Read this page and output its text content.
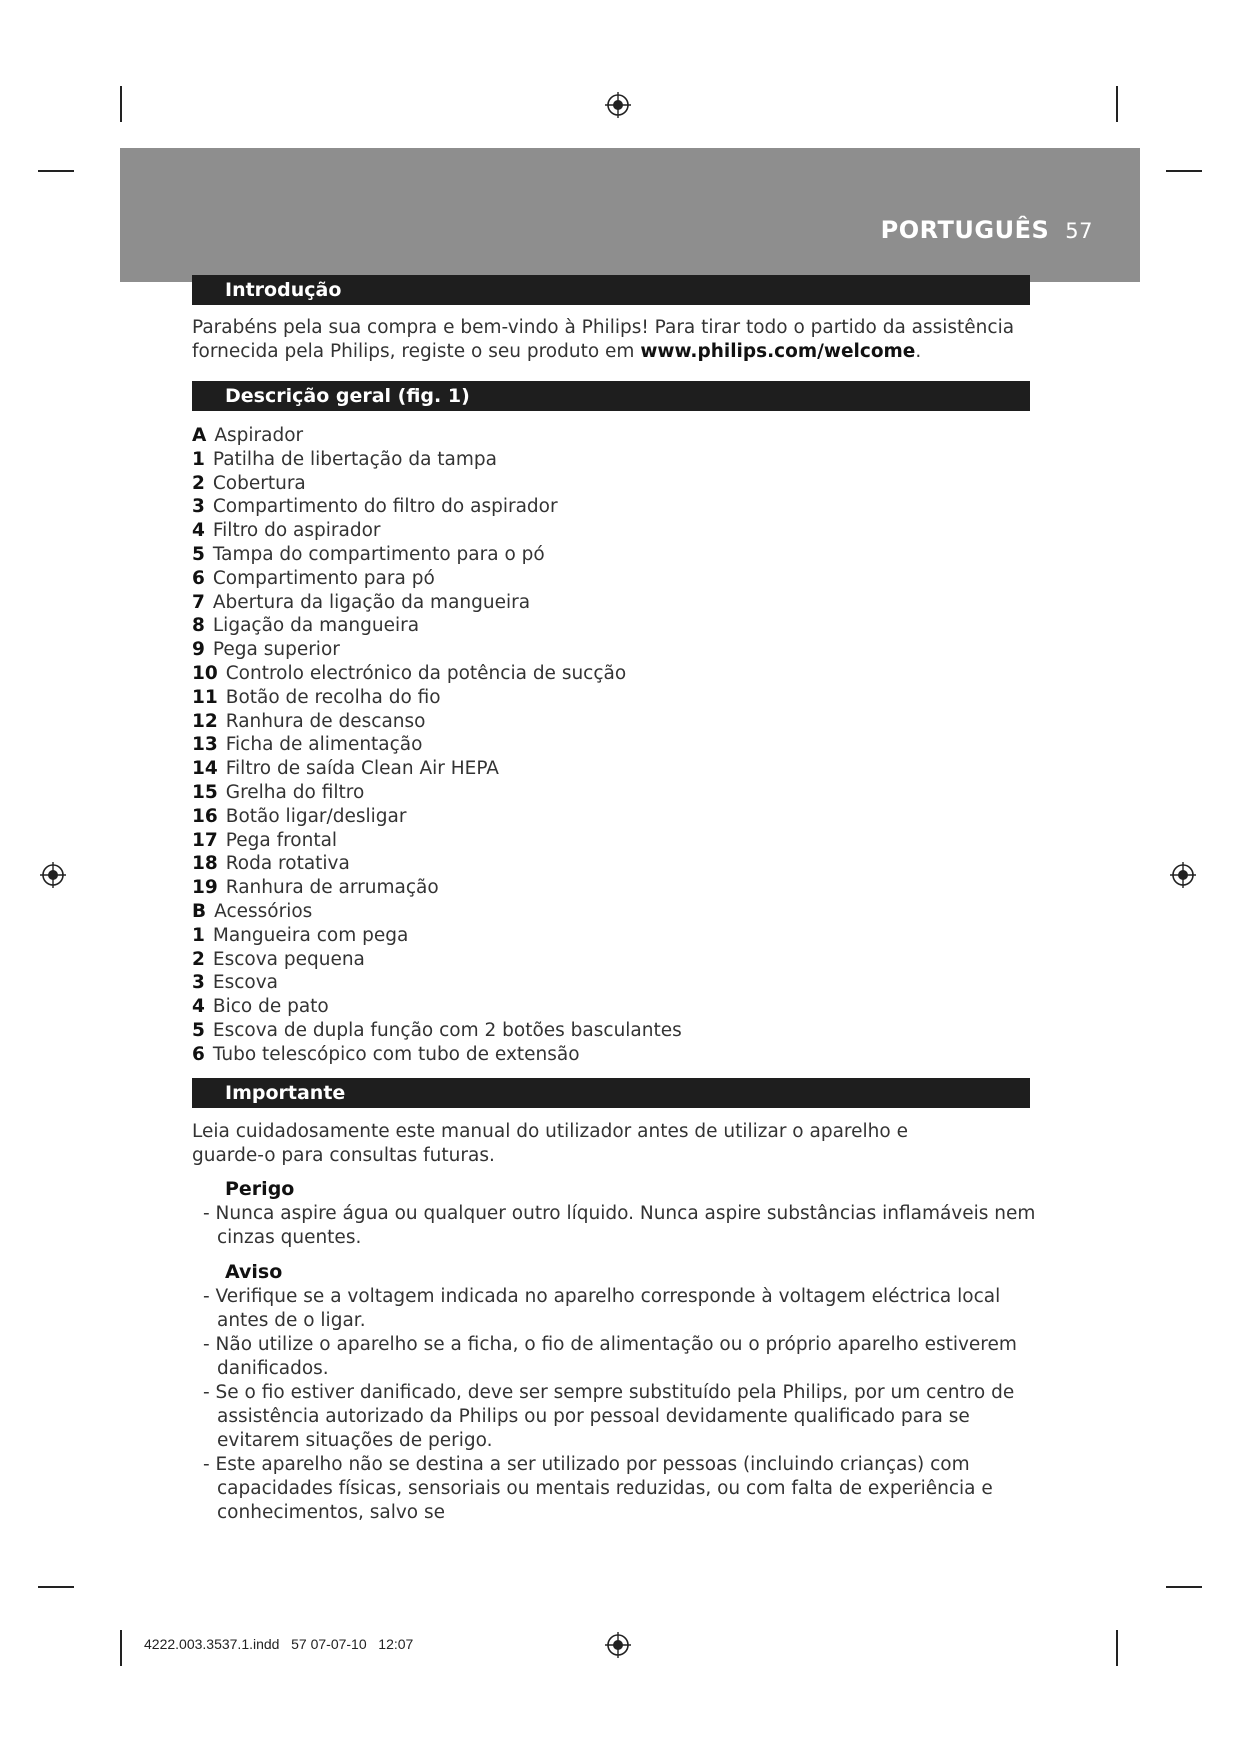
PORTUGUÊS 57
Introdução
Parabéns pela sua compra e bem-vindo à Philips! Para tirar todo o partido da assistência fornecida pela Philips, registe o seu produto em www.philips.com/welcome.
Descrição geral (fig. 1)
A Aspirador
1 Patilha de libertação da tampa
2 Cobertura
3 Compartimento do filtro do aspirador
4 Filtro do aspirador
5 Tampa do compartimento para o pó
6 Compartimento para pó
7 Abertura da ligação da mangueira
8 Ligação da mangueira
9 Pega superior
10 Controlo electrónico da potência de sucção
11 Botão de recolha do fio
12 Ranhura de descanso
13 Ficha de alimentação
14 Filtro de saída Clean Air HEPA
15 Grelha do filtro
16 Botão ligar/desligar
17 Pega frontal
18 Roda rotativa
19 Ranhura de arrumação
B Acessórios
1 Mangueira com pega
2 Escova pequena
3 Escova
4 Bico de pato
5 Escova de dupla função com 2 botões basculantes
6 Tubo telescópico com tubo de extensão
Importante
Leia cuidadosamente este manual do utilizador antes de utilizar o aparelho e guarde-o para consultas futuras.
Perigo
- Nunca aspire água ou qualquer outro líquido. Nunca aspire substâncias inflamáveis nem cinzas quentes.
Aviso
- Verifique se a voltagem indicada no aparelho corresponde à voltagem eléctrica local antes de o ligar.
- Não utilize o aparelho se a ficha, o fio de alimentação ou o próprio aparelho estiverem danificados.
- Se o fio estiver danificado, deve ser sempre substituído pela Philips, por um centro de assistência autorizado da Philips ou por pessoal devidamente qualificado para se evitarem situações de perigo.
- Este aparelho não se destina a ser utilizado por pessoas (incluindo crianças) com capacidades físicas, sensoriais ou mentais reduzidas, ou com falta de experiência e conhecimentos, salvo se
4222.003.3537.1.indd   57 07-07-10   12:07
